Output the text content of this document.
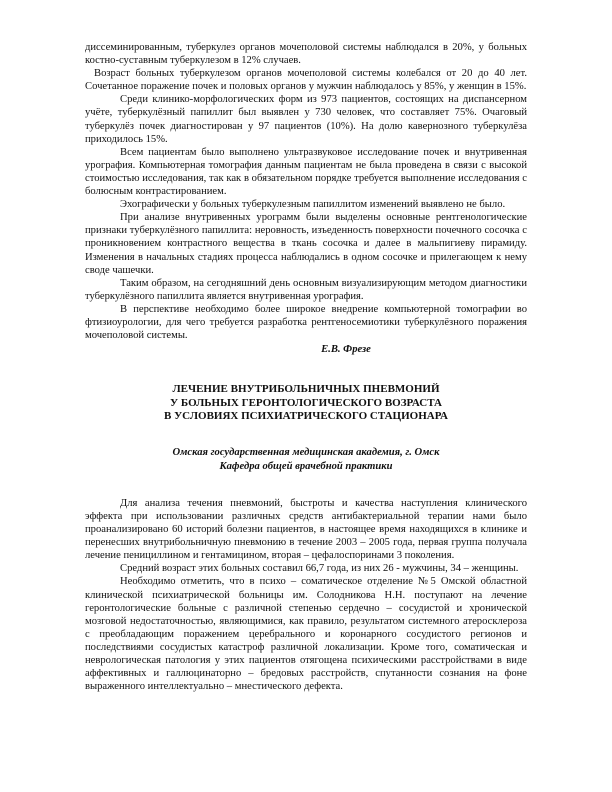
диссеминированным, туберкулез органов мочеполовой системы наблюдался в 20%, у больных костно-суставным туберкулезом в 12% случаев.

Возраст больных туберкулезом органов мочеполовой системы колебался от 20 до 40 лет. Сочетанное поражение почек и половых органов у мужчин наблюдалось у 85%, у женщин в 15%.

Среди клинико-морфологических форм из 973 пациентов, состоящих на диспансерном учёте, туберкулёзный папиллит был выявлен у 730 человек, что составляет 75%. Очаговый туберкулёз почек диагностирован у 97 пациентов (10%). На долю кавернозного туберкулёза приходилось 15%.

Всем пациентам было выполнено ультразвуковое исследование почек и внутривенная урография. Компьютерная томография данным пациентам не была проведена в связи с высокой стоимостью исследования, так как в обязательном порядке требуется выполнение исследования с болюсным контрастированием.

Эхографически у больных туберкулезным папиллитом изменений выявлено не было.

При анализе внутривенных урограмм были выделены основные рентгенологические признаки туберкулёзного папиллита: неровность, изъеденность поверхности почечного сосочка с проникновением контрастного вещества в ткань сосочка и далее в мальпигиеву пирамиду. Изменения в начальных стадиях процесса наблюдались в одном сосочке и прилегающем к нему своде чашечки.

Таким образом, на сегодняшний день основным визуализирующим методом диагностики туберкулёзного папиллита является внутривенная урография.

В перспективе необходимо более широкое внедрение компьютерной томографии во фтизиоурологии, для чего требуется разработка рентгеносемиотики туберкулёзного поражения мочеполовой системы.

Е.В. Фрезе

ЛЕЧЕНИЕ ВНУТРИБОЛЬНИЧНЫХ ПНЕВМОНИЙ
У БОЛЬНЫХ ГЕРОНТОЛОГИЧЕСКОГО ВОЗРАСТА
В УСЛОВИЯХ ПСИХИАТРИЧЕСКОГО СТАЦИОНАРА
Омская государственная медицинская академия, г. Омск
Кафедра общей врачебной практики

Для анализа течения пневмоний, быстроты и качества наступления клинического эффекта при использовании различных средств антибактериальной терапии нами было проанализировано 60 историй болезни пациентов, в настоящее время находящихся в клинике и перенесших внутрибольничную пневмонию в течение 2003 – 2005 года, первая группа получала лечение пенициллином и гентамицином, вторая – цефалоспоринами 3 поколения.

Средний возраст этих больных составил 66,7 года, из них 26 - мужчины, 34 – женщины.

Необходимо отметить, что в психо – соматическое отделение №5 Омской областной клинической психиатрической больницы им. Солодникова Н.Н. поступают на лечение геронтологические больные с различной степенью сердечно – сосудистой и хронической мозговой недостаточностью, являющимися, как правило, результатом системного атеросклероза с преобладающим поражением церебрального и коронарного сосудистого регионов и последствиями сосудистых катастроф различной локализации. Кроме того, соматическая и неврологическая патология у этих пациентов отягощена психическими расстройствами в виде аффективных и галлюцинаторно – бредовых расстройств, спутанности сознания на фоне выраженного интеллектуально – мнестического дефекта.
